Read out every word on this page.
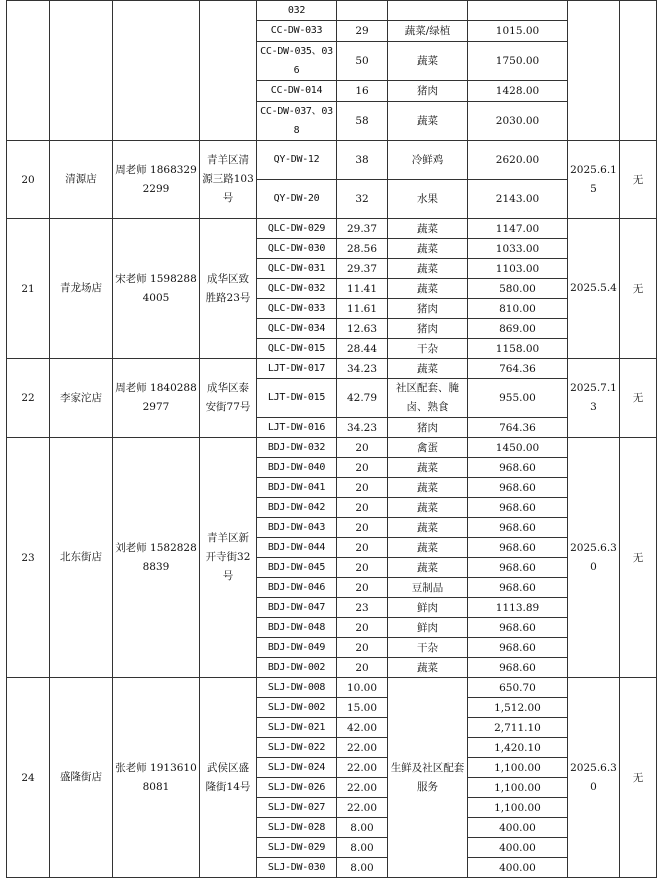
				032					
				CC-DW-033	29	蔬菜/绿植	1015.00		
				CC-DW-035、036	50	蔬菜	1750.00		
				CC-DW-014	16	猪肉	1428.00		
				CC-DW-037、038	58	蔬菜	2030.00		
20	清源店	周老师 18683292299	青羊区清源三路103号	QY-DW-12	38	冷鲜鸡	2620.00	2025.6.15	无
				QY-DW-20	32	水果	2143.00		
21	青龙场店	宋老师 15982884005	成华区致胜路23号	QLC-DW-029	29.37	蔬菜	1147.00	2025.5.4	无
				QLC-DW-030	28.56	蔬菜	1033.00		
				QLC-DW-031	29.37	蔬菜	1103.00		
				QLC-DW-032	11.41	蔬菜	580.00		
				QLC-DW-033	11.61	猪肉	810.00		
				QLC-DW-034	12.63	猪肉	869.00		
				QLC-DW-015	28.44	干杂	1158.00		
22	李家沱店	周老师 18402882977	成华区泰安街77号	LJT-DW-017	34.23	蔬菜	764.36	2025.7.13	无
				LJT-DW-015	42.79	社区配套、腌卤、熟食	955.00		
				LJT-DW-016	34.23	猪肉	764.36		
23	北东街店	刘老师 15828288839	青羊区新开寺街32号	BDJ-DW-032	20	禽蛋	1450.00	2025.6.30	无
				BDJ-DW-040	20	蔬菜	968.60		
				BDJ-DW-041	20	蔬菜	968.60		
				BDJ-DW-042	20	蔬菜	968.60		
				BDJ-DW-043	20	蔬菜	968.60		
				BDJ-DW-044	20	蔬菜	968.60		
				BDJ-DW-045	20	蔬菜	968.60		
				BDJ-DW-046	20	豆制品	968.60		
				BDJ-DW-047	23	鲜肉	1113.89		
				BDJ-DW-048	20	鲜肉	968.60		
				BDJ-DW-049	20	干杂	968.60		
				BDJ-DW-002	20	蔬菜	968.60		
24	盛隆街店	张老师 19136108081	武侯区盛隆街14号	SLJ-DW-008	10.00	生鲜及社区配套服务	650.70	2025.6.30	无
				SLJ-DW-002	15.00		1,512.00		
				SLJ-DW-021	42.00		2,711.10		
				SLJ-DW-022	22.00		1,420.10		
				SLJ-DW-024	22.00		1,100.00		
				SLJ-DW-026	22.00		1,100.00		
				SLJ-DW-027	22.00		1,100.00		
				SLJ-DW-028	8.00		400.00		
				SLJ-DW-029	8.00		400.00		
				SLJ-DW-030	8.00		400.00		
